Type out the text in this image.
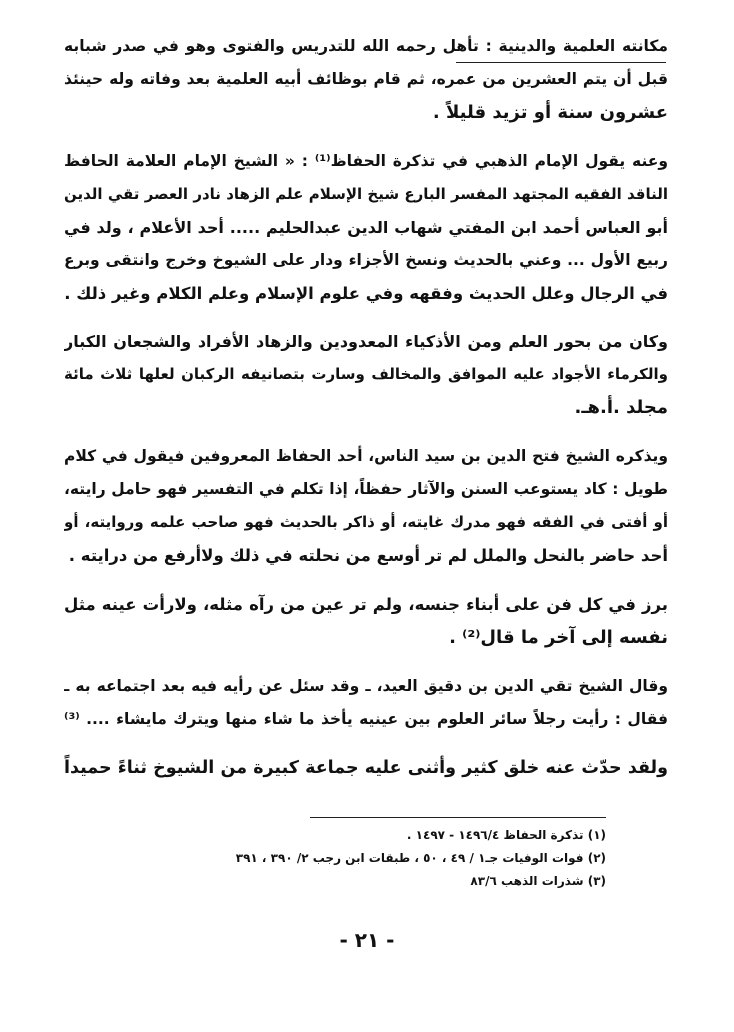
مكانته العلمية والدينية : تأهل رحمه الله للتدريس والفتوى وهو في صدر شبابه
قبل أن يتم العشرين من عمره، ثم قام بوظائف أبيه العلمية بعد وفاته وله حينئذ
عشرون سنة أو تزيد قليلاً .
وعنه يقول الإمام الذهبي في تذكرة الحفاظ⁽¹⁾ : « الشيخ الإمام العلامة الحافظ
الناقد الفقيه المجتهد المفسر البارع شيخ الإسلام علم الزهاد نادر العصر تقي الدين
أبو العباس أحمد ابن المفتي شهاب الدين عبدالحليم ..... أحد الأعلام ، ولد في
ربيع الأول ... وعني بالحديث ونسخ الأجزاء ودار على الشيوخ وخرج وانتقى وبرع
في الرجال وعلل الحديث وفقهه وفي علوم الإسلام وعلم الكلام وغير ذلك .
وكان من بحور العلم ومن الأذكياء المعدودين والزهاد الأفراد والشجعان الكبار
والكرماء الأجواد عليه الموافق والمخالف وسارت بتصانيفه الركبان لعلها ثلاث مائة
مجلد .أ.هـ.
ويذكره الشيخ فتح الدين بن سيد الناس، أحد الحفاظ المعروفين فيقول في كلام
طويل : كاد يستوعب السنن والآثار حفظاً، إذا تكلم في التفسير فهو حامل رايته،
أو أفتى في الفقه فهو مدرك غايته، أو ذاكر بالحديث فهو صاحب علمه وروايته، أو
أحد حاضر بالنحل والملل لم تر أوسع من نحلته في ذلك ولاأرفع من درايته .
برز في كل فن على أبناء جنسه، ولم تر عين من رآه مثله، ولارأت عينه مثل
نفسه إلى آخر ما قال⁽²⁾ .
وقال الشيخ تقي الدين بن دقيق العيد، ـ وقد سئل عن رأيه فيه بعد اجتماعه به ـ
فقال : رأيت رجلاً سائر العلوم بين عينيه يأخذ ما شاء منها ويترك مايشاء .... ⁽³⁾
ولقد حدّث عنه خلق كثير وأثنى عليه جماعة كبيرة من الشيوخ ثناءً حميداً
(١) تذكرة الحفاظ ١٤٩٦/٤ - ١٤٩٧ .
(٢) فوات الوفيات جـ١ / ٤٩ ، ٥٠ ، طبقات ابن رجب ٢/ ٣٩٠ ، ٣٩١
(٣) شذرات الذهب ٨٣/٦
- ٢١ -
